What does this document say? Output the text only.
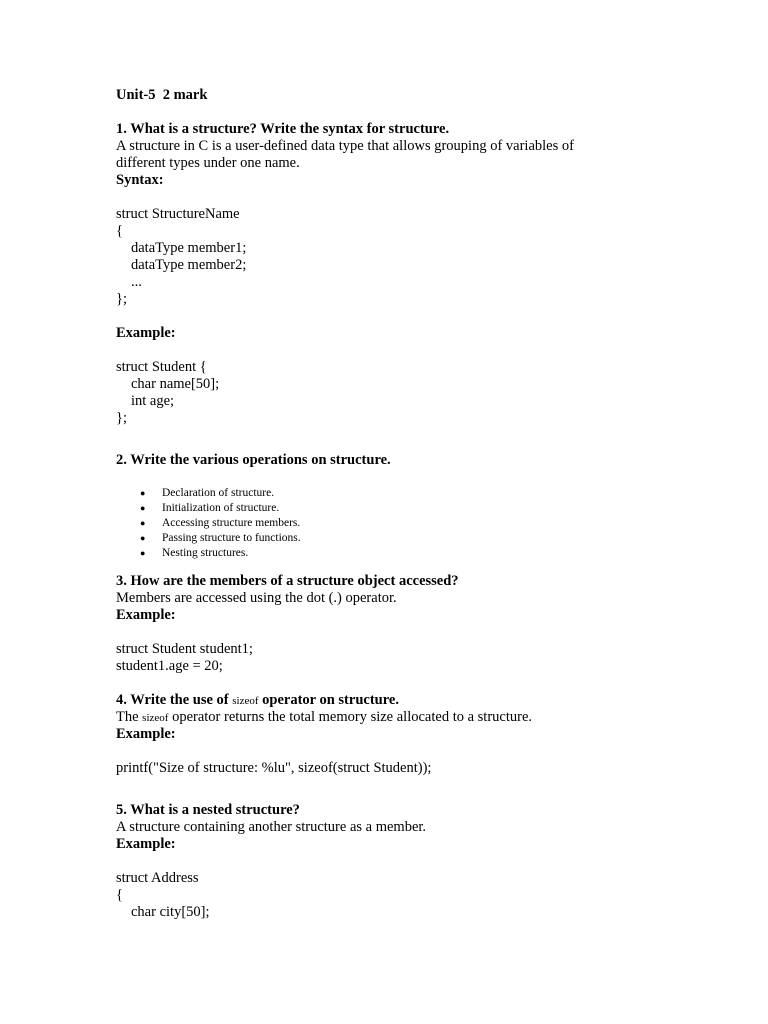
Unit-5  2 mark
1. What is a structure? Write the syntax for structure.
A structure in C is a user-defined data type that allows grouping of variables of
different types under one name.
Syntax:
struct StructureName
{
dataType member1;
dataType member2;
...
};
Example:
struct Student {
char name[50];
int age;
};
2. Write the various operations on structure.
● Declaration of structure.
● Initialization of structure.
● Accessing structure members.
● Passing structure to functions.
● Nesting structures.
3. How are the members of a structure object accessed?
Members are accessed using the dot (.) operator.
Example:
struct Student student1;
student1.age = 20;
4. Write the use of sizeof operator on structure.
The sizeof operator returns the total memory size allocated to a structure.
Example:
printf("Size of structure: %lu", sizeof(struct Student));
5. What is a nested structure?
A structure containing another structure as a member.
Example:
struct Address
{
char city[50];
